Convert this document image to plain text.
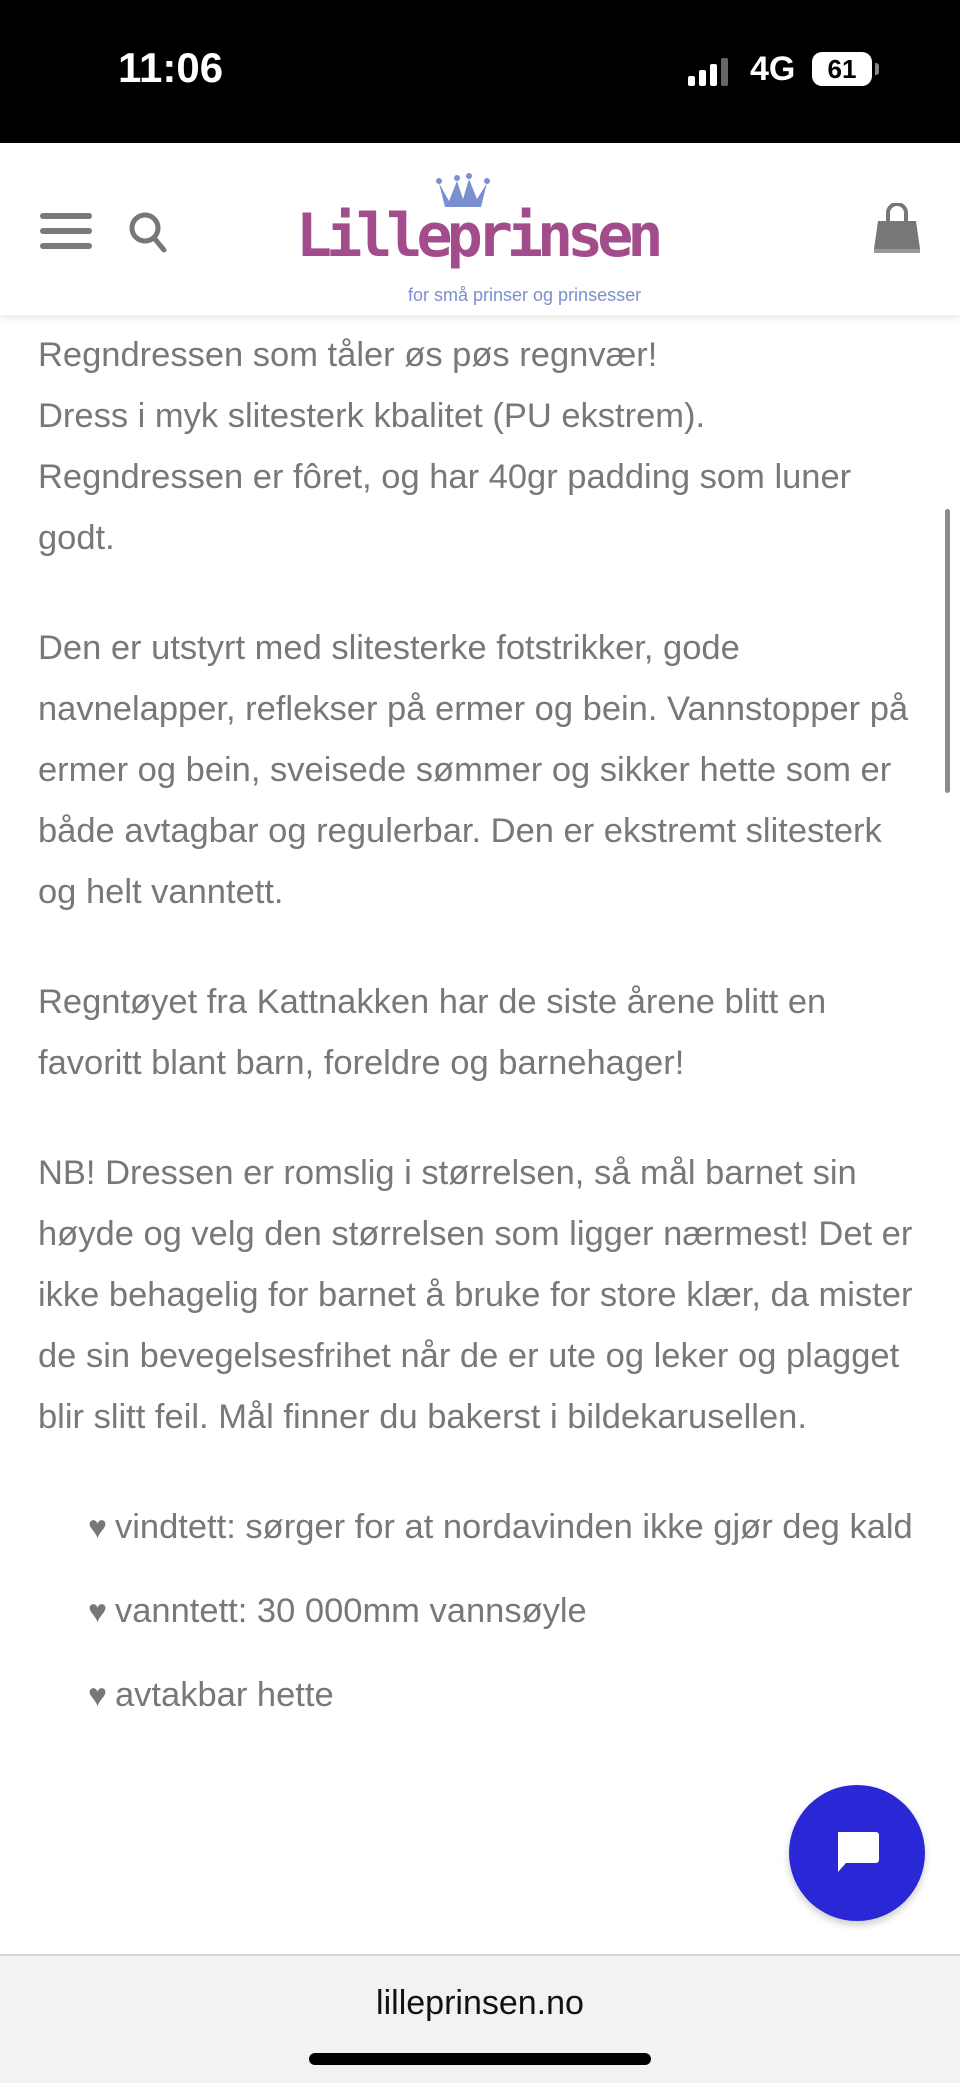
11:06	4G	61
Lilleprinsen
for små prinser og prinsesser

Regndressen som tåler øs pøs regnvær!
Dress i myk slitesterk kbalitet (PU ekstrem).
Regndressen er fôret, og har 40gr padding som luner godt.

Den er utstyrt med slitesterke fotstrikker, gode navnelapper, reflekser på ermer og bein. Vannstopper på ermer og bein, sveisede sømmer og sikker hette som er både avtagbar og regulerbar. Den er ekstremt slitesterk og helt vanntett.

Regntøyet fra Kattnakken har de siste årene blitt en favoritt blant barn, foreldre og barnehager!

NB! Dressen er romslig i størrelsen, så mål barnet sin høyde og velg den størrelsen som ligger nærmest! Det er ikke behagelig for barnet å bruke for store klær, da mister de sin bevegelsesfrihet når de er ute og leker og plagget blir slitt feil. Mål finner du bakerst i bildekarusellen.

♥ vindtett: sørger for at nordavinden ikke gjør deg kald
♥ vanntett: 30 000mm vannsøyle
♥ avtakbar hette
lilleprinsen.no
